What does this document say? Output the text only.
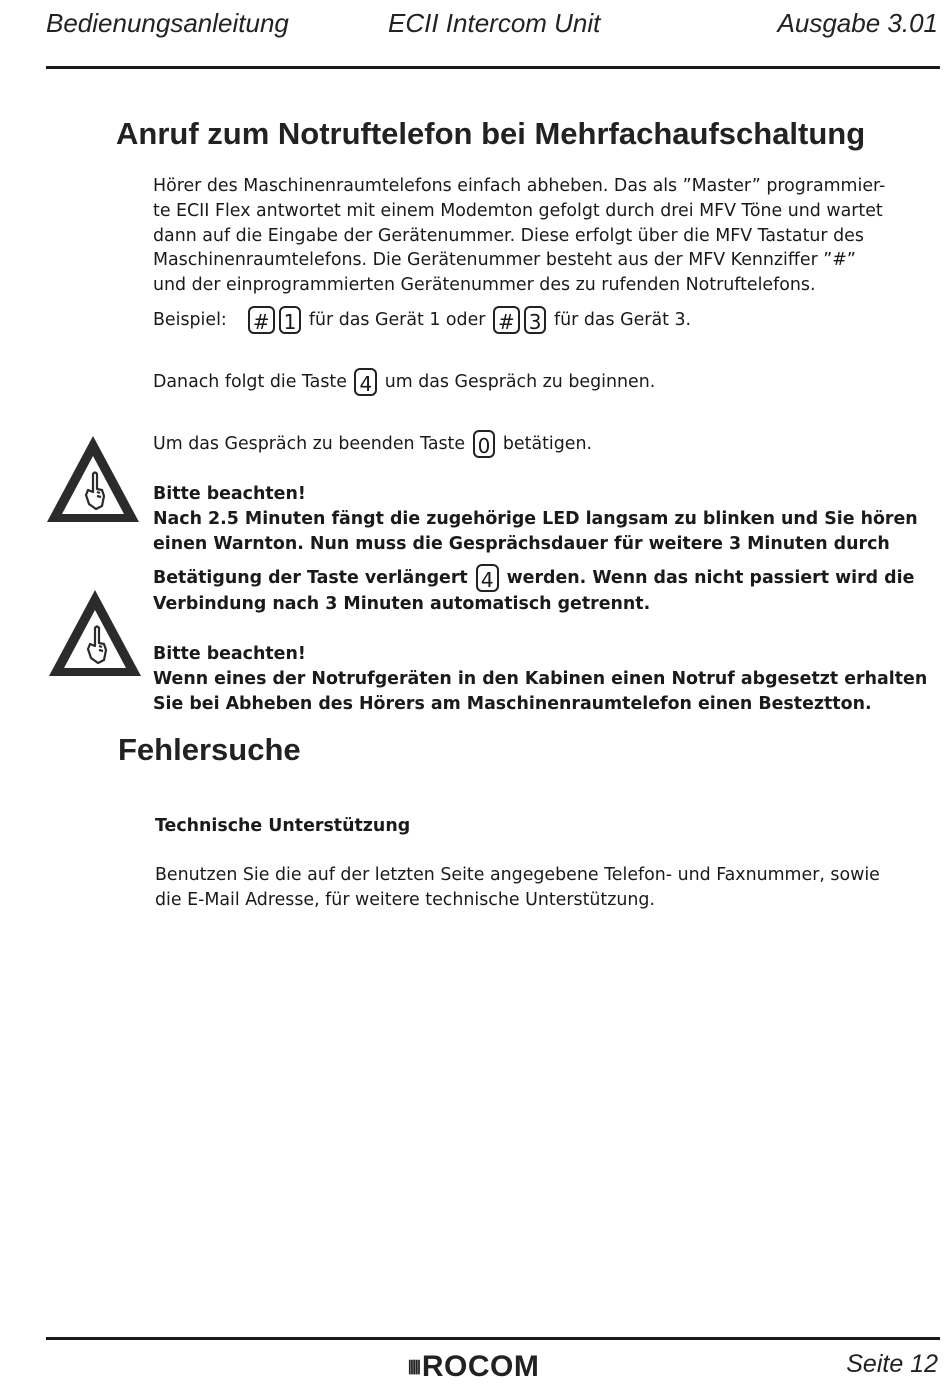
Bedienungsanleitung	ECII Intercom Unit	Ausgabe 3.01
Anruf zum Notruftelefon bei Mehrfachaufschaltung
Hörer des Maschinenraumtelefons einfach abheben. Das als ”Master” programmier-
te ECII Flex antwortet mit einem Modemton gefolgt durch drei MFV Töne und wartet
dann auf die Eingabe der Gerätenummer. Diese erfolgt über die MFV Tastatur des
Maschinenraumtelefons. Die Gerätenummer besteht aus der MFV Kennziffer ”#”
und der einprogrammierten Gerätenummer des zu rufenden Notruftelefons.
Beispiel: # 1 für das Gerät 1 oder # 3 für das Gerät 3.
Danach folgt die Taste 4 um das Gespräch zu beginnen.
Um das Gespräch zu beenden Taste 0 betätigen.
Bitte beachten!
Nach 2.5 Minuten fängt die zugehörige LED langsam zu blinken und Sie hören
einen Warnton. Nun muss die Gesprächsdauer für weitere 3 Minuten durch
Betätigung der Taste verlängert 4 werden. Wenn das nicht passiert wird die
Verbindung nach 3 Minuten automatisch getrennt.
Bitte beachten!
Wenn eines der Notrufgeräten in den Kabinen einen Notruf abgesetzt erhalten
Sie bei Abheben des Hörers am Maschinenraumtelefon einen Besteztton.
Fehlersuche
Technische Unterstützung
Benutzen Sie die auf der letzten Seite angegebene Telefon- und Faxnummer, sowie
die E-Mail Adresse, für weitere technische Unterstützung.
⦀⦀ ROCOM	Seite 12
